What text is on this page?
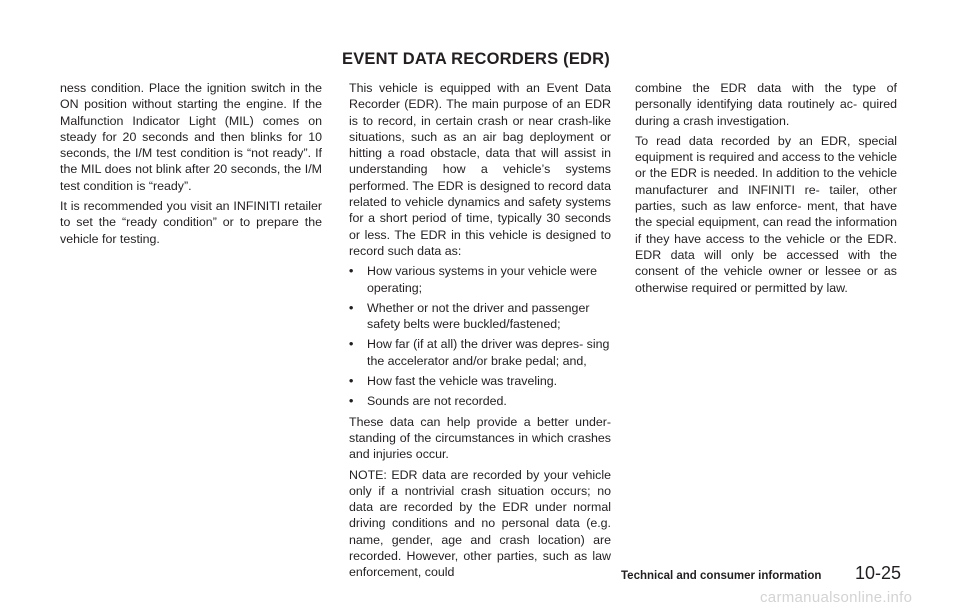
EVENT DATA RECORDERS (EDR)

ness condition. Place the ignition switch in the ON position without starting the engine. If the Malfunction Indicator Light (MIL) comes on steady for 20 seconds and then blinks for 10 seconds, the I/M test condition is “not ready”. If the MIL does not blink after 20 seconds, the I/M test condition is “ready”.

It is recommended you visit an INFINITI retailer to set the “ready condition” or to prepare the vehicle for testing.

This vehicle is equipped with an Event Data Recorder (EDR). The main purpose of an EDR is to record, in certain crash or near crash-like situations, such as an air bag deployment or hitting a road obstacle, data that will assist in understanding how a vehicle’s systems performed. The EDR is designed to record data related to vehicle dynamics and safety systems for a short period of time, typically 30 seconds or less. The EDR in this vehicle is designed to record such data as:

• How various systems in your vehicle were operating;
• Whether or not the driver and passenger safety belts were buckled/fastened;
• How far (if at all) the driver was depres- sing the accelerator and/or brake pedal; and,
• How fast the vehicle was traveling.
• Sounds are not recorded.

These data can help provide a better under- standing of the circumstances in which crashes and injuries occur.

NOTE: EDR data are recorded by your vehicle only if a nontrivial crash situation occurs; no data are recorded by the EDR under normal driving conditions and no personal data (e.g. name, gender, age and crash location) are recorded. However, other parties, such as law enforcement, could

combine the EDR data with the type of personally identifying data routinely ac- quired during a crash investigation.

To read data recorded by an EDR, special equipment is required and access to the vehicle or the EDR is needed. In addition to the vehicle manufacturer and INFINITI re- tailer, other parties, such as law enforce- ment, that have the special equipment, can read the information if they have access to the vehicle or the EDR. EDR data will only be accessed with the consent of the vehicle owner or lessee or as otherwise required or permitted by law.

Technical and consumer information 10-25
carmanualsonline.info
